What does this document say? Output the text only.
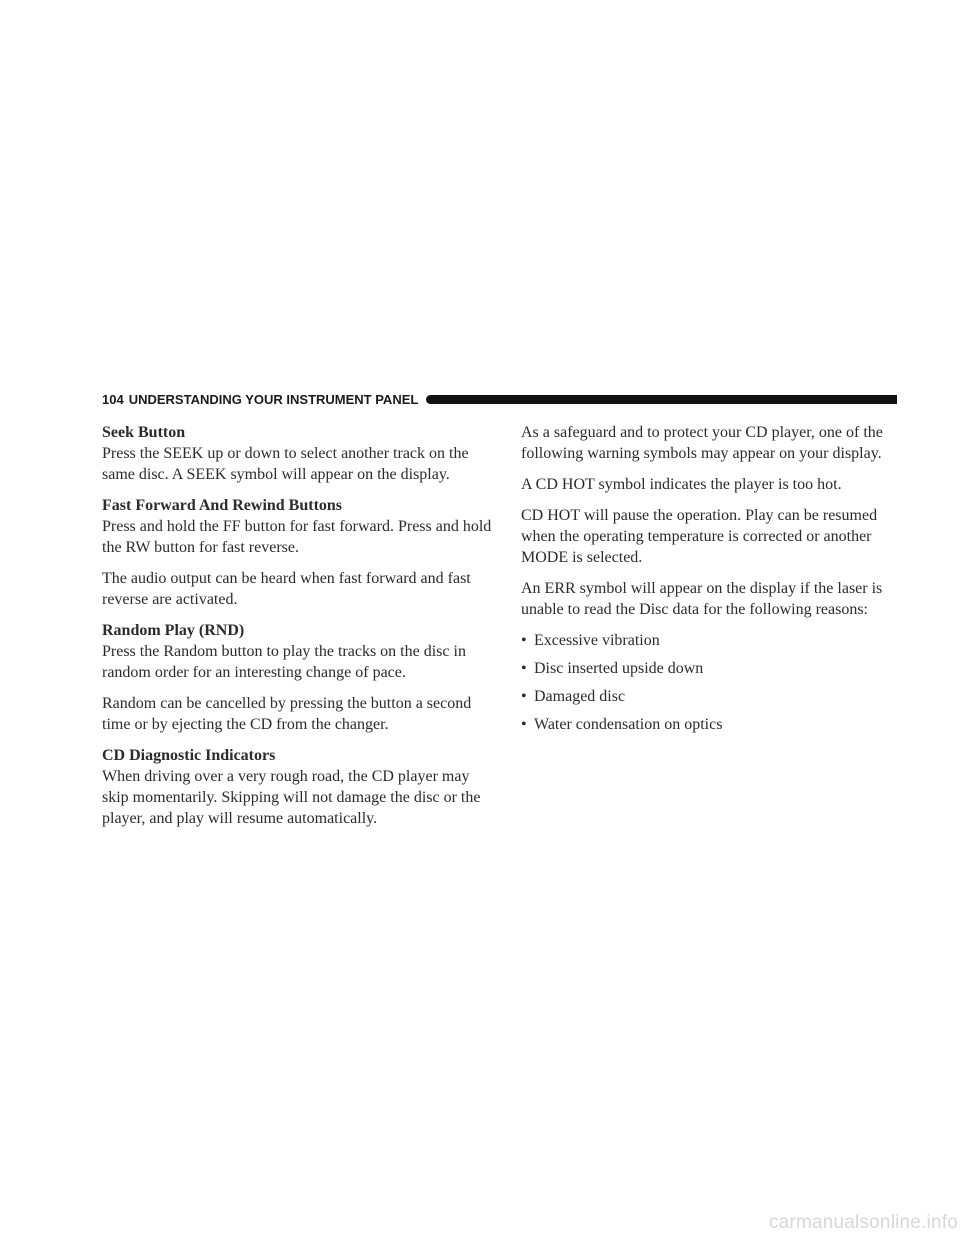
104 UNDERSTANDING YOUR INSTRUMENT PANEL

Seek Button

Press the SEEK up or down to select another track on the same disc. A SEEK symbol will appear on the display.

Fast Forward And Rewind Buttons

Press and hold the FF button for fast forward. Press and hold the RW button for fast reverse.

The audio output can be heard when fast forward and fast reverse are activated.

Random Play (RND)

Press the Random button to play the tracks on the disc in random order for an interesting change of pace.

Random can be cancelled by pressing the button a second time or by ejecting the CD from the changer.

CD Diagnostic Indicators

When driving over a very rough road, the CD player may skip momentarily. Skipping will not damage the disc or the player, and play will resume automatically.

As a safeguard and to protect your CD player, one of the following warning symbols may appear on your display.

A CD HOT symbol indicates the player is too hot.

CD HOT will pause the operation. Play can be resumed when the operating temperature is corrected or another MODE is selected.

An ERR symbol will appear on the display if the laser is unable to read the Disc data for the following reasons:

• Excessive vibration
• Disc inserted upside down
• Damaged disc
• Water condensation on optics
carmanualsonline.info
